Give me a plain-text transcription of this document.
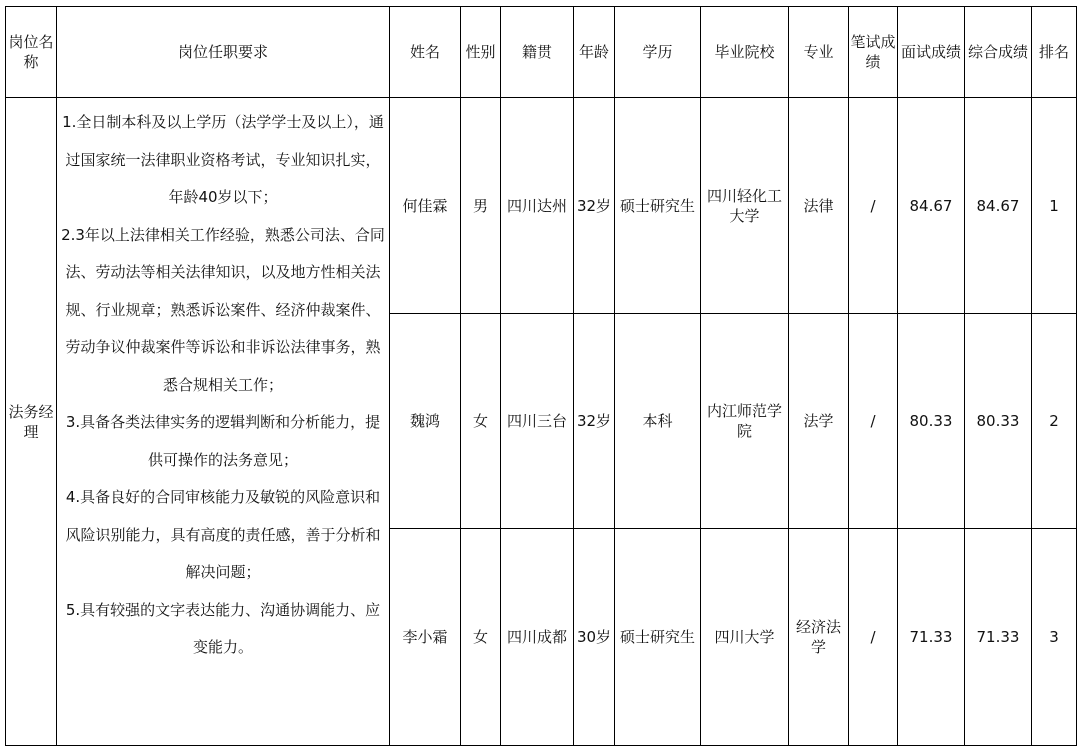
岗位名称	岗位任职要求	姓名	性别	籍贯	年龄	学历	毕业院校	专业	笔试成绩	面试成绩	综合成绩	排名
法务经理	1.全日制本科及以上学历（法学学士及以上），通过国家统一法律职业资格考试，专业知识扎实，年龄40岁以下；

2.3年以上法律相关工作经验，熟悉公司法、合同法、劳动法等相关法律知识，以及地方性相关法规、行业规章；熟悉诉讼案件、经济仲裁案件、劳动争议仲裁案件等诉讼和非诉讼法律事务，熟悉合规相关工作；

3.具备各类法律实务的逻辑判断和分析能力，提供可操作的法务意见；

4.具备良好的合同审核能力及敏锐的风险意识和风险识别能力，具有高度的责任感，善于分析和解决问题；

5.具有较强的文字表达能力、沟通协调能力、应变能力。	何佳霖	男	四川达州	32岁	硕士研究生	四川轻化工大学	法律	/	84.67	84.67	1
		魏鸿	女	四川三台	32岁	本科	内江师范学院	法学	/	80.33	80.33	2
		李小霜	女	四川成都	30岁	硕士研究生	四川大学	经济法学	/	71.33	71.33	3
